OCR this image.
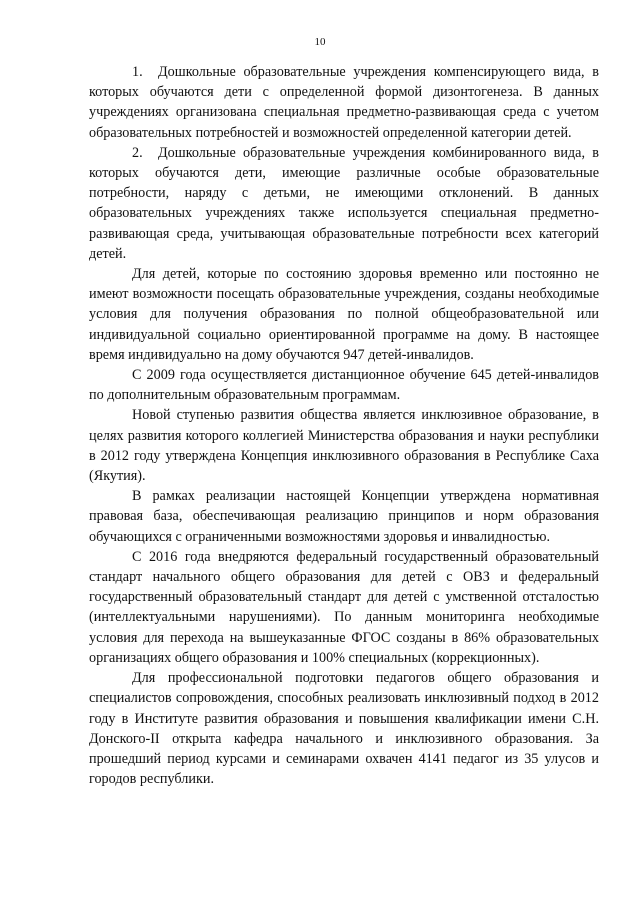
10

1. Дошкольные образовательные учреждения компенсирующего вида, в которых обучаются дети с определенной формой дизонтогенеза. В данных учреждениях организована специальная предметно-развивающая среда с учетом образовательных потребностей и возможностей определенной категории детей.

2. Дошкольные образовательные учреждения комбинированного вида, в которых обучаются дети, имеющие различные особые образовательные потребности, наряду с детьми, не имеющими отклонений. В данных образовательных учреждениях также используется специальная предметно-развивающая среда, учитывающая образовательные потребности всех категорий детей.

Для детей, которые по состоянию здоровья временно или постоянно не имеют возможности посещать образовательные учреждения, созданы необходимые условия для получения образования по полной общеобразовательной или индивидуальной социально ориентированной программе на дому. В настоящее время индивидуально на дому обучаются 947 детей-инвалидов.

С 2009 года осуществляется дистанционное обучение 645 детей-инвалидов по дополнительным образовательным программам.

Новой ступенью развития общества является инклюзивное образование, в целях развития которого коллегией Министерства образования и науки республики в 2012 году утверждена Концепция инклюзивного образования в Республике Саха (Якутия).

В рамках реализации настоящей Концепции утверждена нормативная правовая база, обеспечивающая реализацию принципов и норм образования обучающихся с ограниченными возможностями здоровья и инвалидностью.

С 2016 года внедряются федеральный государственный образовательный стандарт начального общего образования для детей с ОВЗ и федеральный государственный образовательный стандарт для детей с умственной отсталостью (интеллектуальными нарушениями). По данным мониторинга необходимые условия для перехода на вышеуказанные ФГОС созданы в 86% образовательных организациях общего образования и 100% специальных (коррекционных).

Для профессиональной подготовки педагогов общего образования и специалистов сопровождения, способных реализовать инклюзивный подход в 2012 году в Институте развития образования и повышения квалификации имени С.Н. Донского-II открыта кафедра начального и инклюзивного образования. За прошедший период курсами и семинарами охвачен 4141 педагог из 35 улусов и городов республики.
